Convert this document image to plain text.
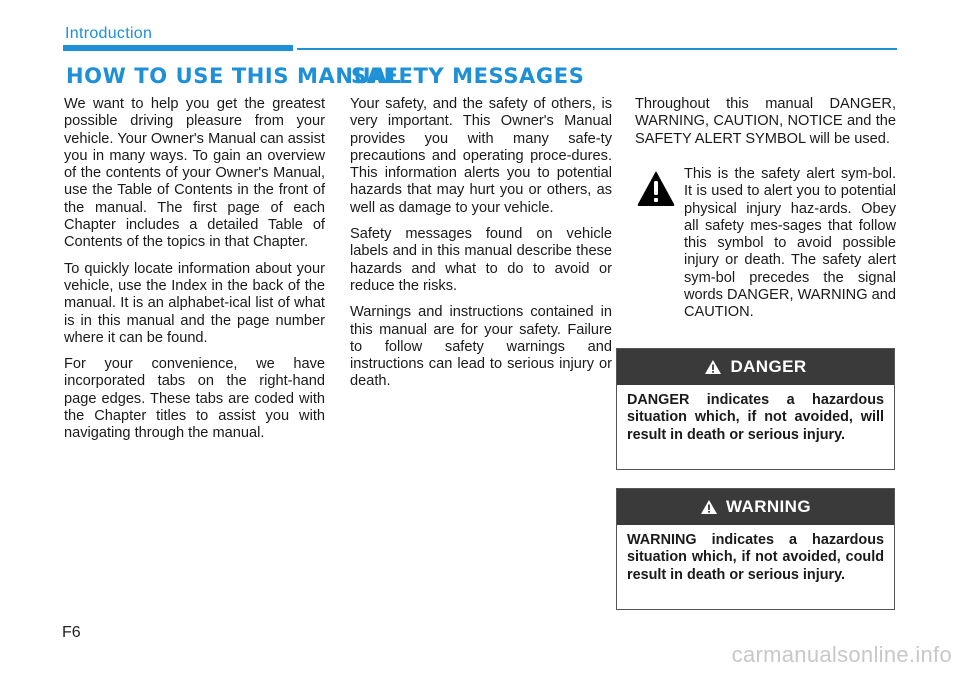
Introduction
HOW TO USE THIS MANUAL
SAFETY MESSAGES

We want to help you get the greatest possible driving pleasure from your vehicle. Your Owner's Manual can assist you in many ways. To gain an overview of the contents of your Owner's Manual, use the Table of Contents in the front of the manual. The first page of each Chapter includes a detailed Table of Contents of the topics in that Chapter.

To quickly locate information about your vehicle, use the Index in the back of the manual. It is an alphabet-ical list of what is in this manual and the page number where it can be found.

For your convenience, we have incorporated tabs on the right-hand page edges. These tabs are coded with the Chapter titles to assist you with navigating through the manual.

Your safety, and the safety of others, is very important. This Owner's Manual provides you with many safe-ty precautions and operating proce-dures. This information alerts you to potential hazards that may hurt you or others, as well as damage to your vehicle.

Safety messages found on vehicle labels and in this manual describe these hazards and what to do to avoid or reduce the risks.

Warnings and instructions contained in this manual are for your safety. Failure to follow safety warnings and instructions can lead to serious injury or death.

Throughout this manual DANGER, WARNING, CAUTION, NOTICE and the SAFETY ALERT SYMBOL will be used.

This is the safety alert sym-bol. It is used to alert you to potential physical injury haz-ards. Obey all safety mes-sages that follow this symbol to avoid possible injury or death. The safety alert sym-bol precedes the signal words DANGER, WARNING and CAUTION.
DANGER
DANGER indicates a hazardous situation which, if not avoided, will result in death or serious injury.
WARNING
WARNING indicates a hazardous situation which, if not avoided, could result in death or serious injury.
F6
carmanualsonline.info
